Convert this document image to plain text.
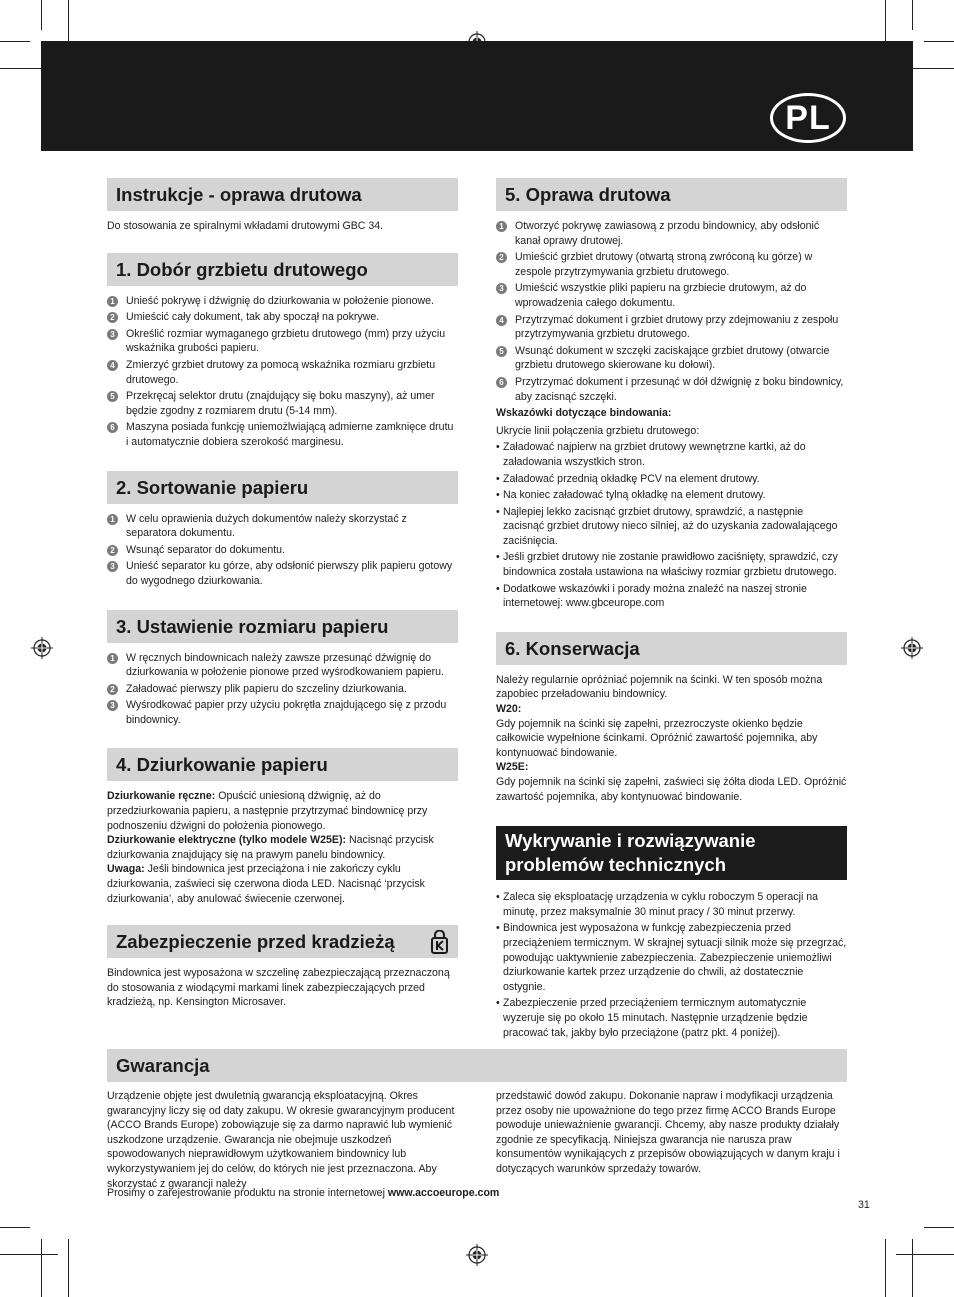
PL
Instrukcje - oprawa drutowa
Do stosowania ze spiralnymi wkładami drutowymi GBC 34.
1. Dobór grzbietu drutowego
1	Unieść pokrywę i dźwignię do dziurkowania w położenie pionowe.
2	Umieścić cały dokument, tak aby spoczął na pokrywe.
3	Określić rozmiar wymaganego grzbietu drutowego (mm) przy użyciu wskaźnika grubości papieru.
4	Zmierzyć grzbiet drutowy za pomocą wskaźnika rozmiaru grzbietu drutowego.
5	Przekręcaj selektor drutu (znajdujący się boku maszyny), aż umer będzie zgodny z rozmiarem drutu (5-14 mm).
6	Maszyna posiada funkcję uniemożlwiającą admierne zamknięce drutu i automatycznie dobiera szerokość marginesu.
2. Sortowanie papieru
1	W celu oprawienia dużych dokumentów należy skorzystać z separatora dokumentu.
2	Wsunąć separator do dokumentu.
3	Unieść separator ku górze, aby odsłonić pierwszy plik papieru gotowy do wygodnego dziurkowania.
3. Ustawienie rozmiaru papieru
1	W ręcznych bindownicach należy zawsze przesunąć dźwignię do dziurkowania w położenie pionowe przed wyśrodkowaniem papieru.
2	Załadować pierwszy plik papieru do szczeliny dziurkowania.
3	Wyśrodkować papier przy użyciu pokrętła znajdującego się z przodu bindownicy.
4. Dziurkowanie papieru
Dziurkowanie ręczne: Opuścić uniesioną dźwignię, aż do przedziurkowania papieru, a następnie przytrzymać bindownicę przy podnoszeniu dźwigni do położenia pionowego.
Dziurkowanie elektryczne (tylko modele W25E): Nacisnąć przycisk dziurkowania znajdujący się na prawym panelu bindownicy.
Uwaga: Jeśli bindownica jest przeciążona i nie zakończy cyklu dziurkowania, zaświeci się czerwona dioda LED. Nacisnąć ‘przycisk dziurkowania’, aby anulować świecenie czerwonej.
Zabezpieczenie przed kradzieżą
Bindownica jest wyposażona w szczelinę zabezpieczającą przeznaczoną do stosowania z wiodącymi markami linek zabezpieczających przed kradzieżą, np. Kensington Microsaver.
5. Oprawa drutowa
1	Otworzyć pokrywę zawiasową z przodu bindownicy, aby odsłonić kanał oprawy drutowej.
2	Umieścić grzbiet drutowy (otwartą stroną zwróconą ku górze) w zespole przytrzymywania grzbietu drutowego.
3	Umieścić wszystkie pliki papieru na grzbiecie drutowym, aż do wprowadzenia całego dokumentu.
4	Przytrzymać dokument i grzbiet drutowy przy zdejmowaniu z zespołu przytrzymywania grzbietu drutowego.
5	Wsunąć dokument w szczęki zaciskające grzbiet drutowy (otwarcie grzbietu drutowego skierowane ku dołowi).
6	Przytrzymać dokument i przesunąć w dół dźwignię z boku bindownicy, aby zacisnąć szczęki.
Wskazówki dotyczące bindowania:
Ukrycie linii połączenia grzbietu drutowego:
• Załadować najpierw na grzbiet drutowy wewnętrzne kartki, aż do załadowania wszystkich stron.
• Załadować przednią okładkę PCV na element drutowy.
• Na koniec załadować tylną okładkę na element drutowy.
• Najlepiej lekko zacisnąć grzbiet drutowy, sprawdzić, a następnie zacisnąć grzbiet drutowy nieco silniej, aż do uzyskania zadowalającego zaciśnięcia.
• Jeśli grzbiet drutowy nie zostanie prawidłowo zaciśnięty, sprawdzić, czy bindownica została ustawiona na właściwy rozmiar grzbietu drutowego.
• Dodatkowe wskazówki i porady można znaleźć na naszej stronie internetowej: www.gbceurope.com
6. Konserwacja
Należy regularnie opróżniać pojemnik na ścinki. W ten sposób można zapobiec przeładowaniu bindownicy.
W20:
Gdy pojemnik na ścinki się zapełni, przezroczyste okienko będzie całkowicie wypełnione ścinkami. Opróżnić zawartość pojemnika, aby kontynuować bindowanie.
W25E:
Gdy pojemnik na ścinki się zapełni, zaświeci się żółta dioda LED. Opróżnić zawartość pojemnika, aby kontynuować bindowanie.
Wykrywanie i rozwiązywanie
problemów technicznych
• Zaleca się eksploatację urządzenia w cyklu roboczym 5 operacji na minutę, przez maksymalnie 30 minut pracy / 30 minut przerwy.
• Bindownica jest wyposażona w funkcję zabezpieczenia przed przeciążeniem termicznym. W skrajnej sytuacji silnik może się przegrzać, powodując uaktywnienie zabezpieczenia. Zabezpieczenie uniemożliwi dziurkowanie kartek przez urządzenie do chwili, aż dostatecznie ostygnie.
• Zabezpieczenie przed przeciążeniem termicznym automatycznie wyzeruje się po około 15 minutach. Następnie urządzenie będzie pracować tak, jakby było przeciążone (patrz pkt. 4 poniżej).
Gwarancja
Urządzenie objęte jest dwuletnią gwarancją eksploatacyjną. Okres gwarancyjny liczy się od daty zakupu. W okresie gwarancyjnym producent (ACCO Brands Europe) zobowiązuje się za darmo naprawić lub wymienić uszkodzone urządzenie. Gwarancja nie obejmuje uszkodzeń spowodowanych nieprawidłowym użytkowaniem bindownicy lub wykorzystywaniem jej do celów, do których nie jest przeznaczona. Aby skorzystać z gwarancji należy
przedstawić dowód zakupu. Dokonanie napraw i modyfikacji urządzenia przez osoby nie upoważnione do tego przez firmę ACCO Brands Europe powoduje unieważnienie gwarancji. Chcemy, aby nasze produkty działały zgodnie ze specyfikacją. Niniejsza gwarancja nie narusza praw konsumentów wynikających z przepisów obowiązujących w danym kraju i dotyczących warunków sprzedaży towarów.
Prosimy o zarejestrowanie produktu na stronie internetowej www.accoeurope.com
31
